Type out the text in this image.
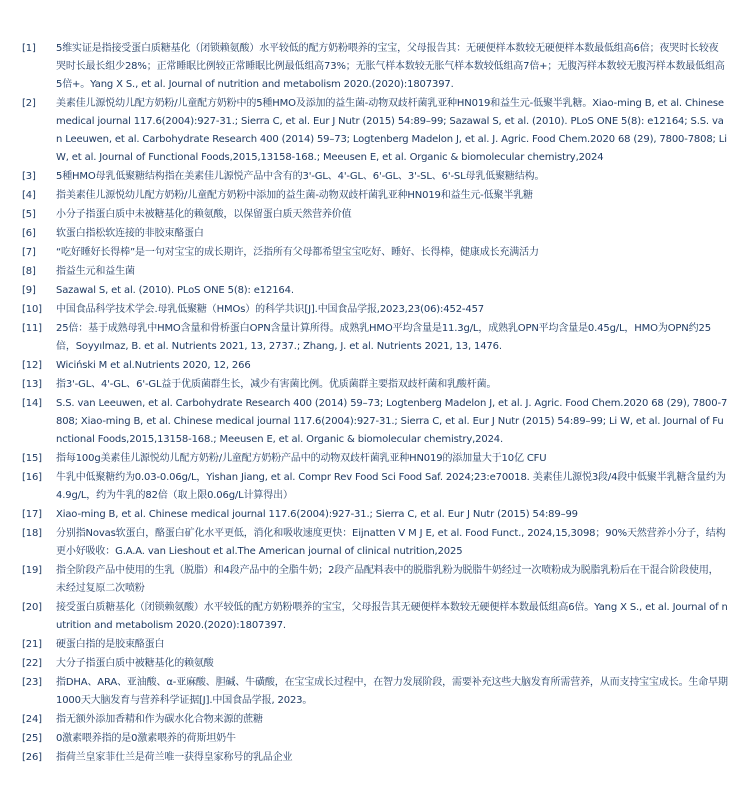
[1]	5维实证是指接受蛋白质糖基化（闭锁赖氨酸）水平较低的配方奶粉喂养的宝宝，父母报告其：无硬便样本数较无硬便样本数最低组高6倍；夜哭时长较夜哭时长最长组少28%；正常睡眠比例较正常睡眠比例最低组高73%；无胀气样本数较无胀气样本数较低组高7倍+；无腹泻样本数较无腹泻样本数最低组高5倍+。Yang X S., et al. Journal of nutrition and metabolism 2020.(2020):1807397.
[2]	美素佳儿源悦幼儿配方奶粉/儿童配方奶粉中的5種HMO及添加的益生菌-动物双歧杆菌乳亚种HN019和益生元-低聚半乳糖。Xiao-ming B, et al. Chinese medical journal 117.6(2004):927-31.; Sierra C, et al. Eur J Nutr (2015) 54:89–99; Sazawal S, et al. (2010). PLoS ONE 5(8): e12164; S.S. van Leeuwen, et al. Carbohydrate Research 400 (2014) 59–73; Logtenberg Madelon J, et al. J. Agric. Food Chem.2020 68 (29), 7800-7808; Li W, et al. Journal of Functional Foods,2015,13158-168.; Meeusen E, et al. Organic & biomolecular chemistry,2024
[3]	5種HMO母乳低聚糖结构指在美素佳儿源悦产品中含有的3'-GL、4'-GL、6'-GL、3'-SL、6'-SL母乳低聚糖结构。
[4]	指美素佳儿源悦幼儿配方奶粉/儿童配方奶粉中添加的益生菌-动物双歧杆菌乳亚种HN019和益生元-低聚半乳糖
[5]	小分子指蛋白质中未被糖基化的赖氨酸，以保留蛋白质天然营养价值
[6]	软蛋白指松软连接的非胶束酪蛋白
[7]	“吃好睡好长得棒”是一句对宝宝的成长期许，泛指所有父母都希望宝宝吃好、睡好、长得棒，健康成长充满活力
[8]	指益生元和益生菌
[9]	Sazawal S, et al. (2010). PLoS ONE 5(8): e12164.
[10]	中国食品科学技术学会.母乳低聚糖（HMOs）的科学共识[J].中国食品学报,2023,23(06):452-457
[11]	25倍：基于成熟母乳中HMO含量和骨桥蛋白OPN含量计算所得。成熟乳HMO平均含量是11.3g/L，成熟乳OPN平均含量是0.45g/L，HMO为OPN约25倍，Soyyılmaz, B. et al. Nutrients 2021, 13, 2737.; Zhang, J. et al. Nutrients 2021, 13, 1476.
[12]	Wiciński M et al.Nutrients 2020, 12, 266
[13]	指3'-GL、4'-GL、6'-GL益于优质菌群生长，减少有害菌比例。优质菌群主要指双歧杆菌和乳酸杆菌。
[14]	S.S. van Leeuwen, et al. Carbohydrate Research 400 (2014) 59–73; Logtenberg Madelon J, et al. J. Agric. Food Chem.2020 68 (29), 7800-7808; Xiao-ming B, et al. Chinese medical journal 117.6(2004):927-31.; Sierra C, et al. Eur J Nutr (2015) 54:89–99; Li W, et al. Journal of Functional Foods,2015,13158-168.; Meeusen E, et al. Organic & biomolecular chemistry,2024.
[15]	指每100g美素佳儿源悦幼儿配方奶粉/儿童配方奶粉产品中的动物双歧杆菌乳亚种HN019的添加量大于10亿 CFU
[16]	牛乳中低聚糖约为0.03-0.06g/L，Yishan Jiang, et al. Compr Rev Food Sci Food Saf. 2024;23:e70018. 美素佳儿源悦3段/4段中低聚半乳糖含量约为4.9g/L，约为牛乳的82倍（取上限0.06g/L计算得出）
[17]	Xiao-ming B, et al. Chinese medical journal 117.6(2004):927-31.; Sierra C, et al. Eur J Nutr (2015) 54:89–99
[18]	分别指Novas软蛋白，酪蛋白矿化水平更低，消化和吸收速度更快：Eijnatten V M J E, et al. Food Funct., 2024,15,3098；90%天然营养小分子，结构更小好吸收：G.A.A. van Lieshout et al.The American journal of clinical nutrition,2025
[19]	指全阶段产品中使用的生乳（脱脂）和4段产品中的全脂牛奶；2段产品配料表中的脱脂乳粉为脱脂牛奶经过一次喷粉成为脱脂乳粉后在干混合阶段使用，未经过复原二次喷粉
[20]	接受蛋白质糖基化（闭锁赖氨酸）水平较低的配方奶粉喂养的宝宝，父母报告其无硬便样本数较无硬便样本数最低组高6倍。Yang X S., et al. Journal of nutrition and metabolism 2020.(2020):1807397.
[21]	硬蛋白指的是胶束酪蛋白
[22]	大分子指蛋白质中被糖基化的赖氨酸
[23]	指DHA、ARA、亚油酸、α-亚麻酸、胆碱、牛磺酸，在宝宝成长过程中，在智力发展阶段，需要补充这些大脑发育所需营养，从而支持宝宝成长。生命早期1000天大脑发育与营养科学证据[J].中国食品学报, 2023。
[24]	指无额外添加香精和作为碳水化合物来源的蔗糖
[25]	0激素喂养指的是0激素喂养的荷斯坦奶牛
[26]	指荷兰皇家菲仕兰是荷兰唯一获得皇家称号的乳品企业
